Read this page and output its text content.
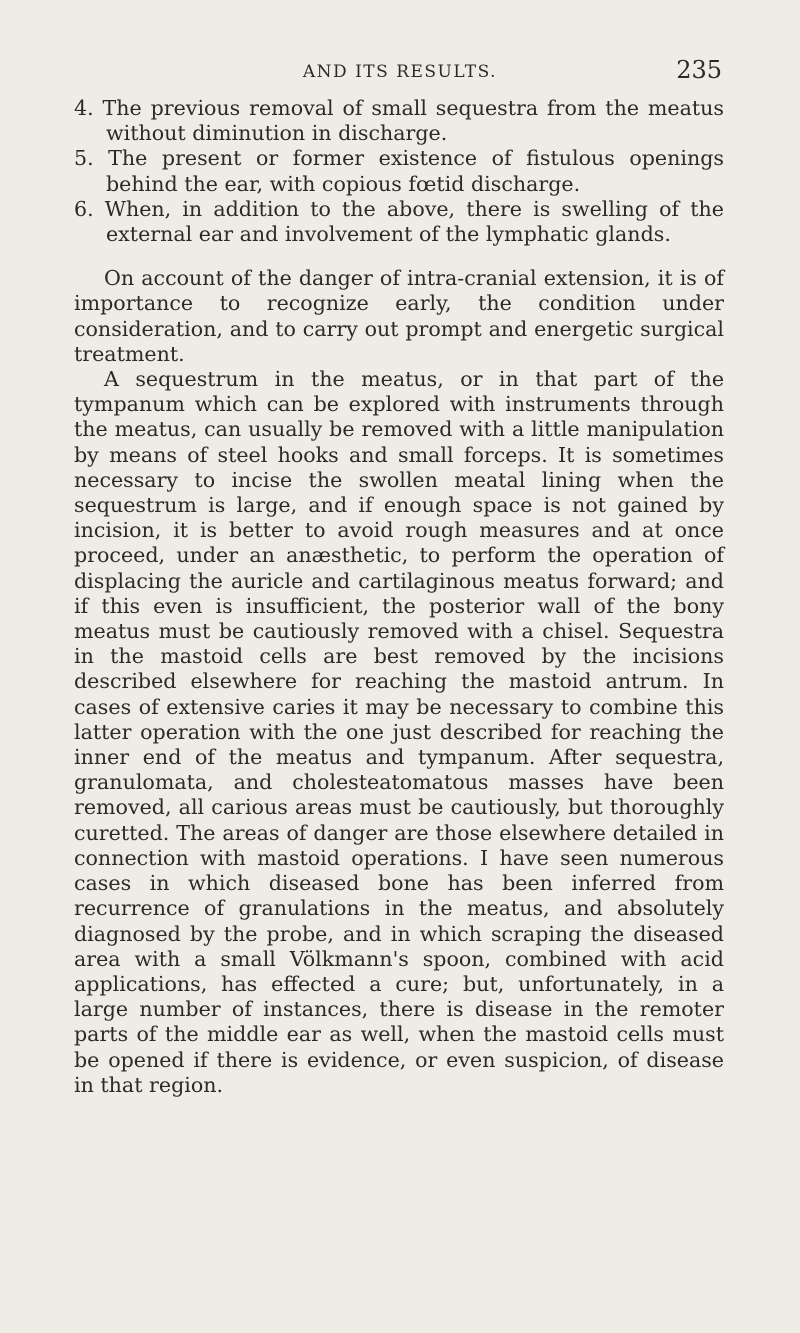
AND ITS RESULTS.	235

4. The previous removal of small sequestra from the meatus without diminution in discharge.

5. The present or former existence of fistulous openings behind the ear, with copious fœtid discharge.

6. When, in addition to the above, there is swelling of the external ear and involvement of the lymphatic glands.

On account of the danger of intra-cranial extension, it is of importance to recognize early, the condition under consideration, and to carry out prompt and energetic surgical treatment.

A sequestrum in the meatus, or in that part of the tympanum which can be explored with instruments through the meatus, can usually be removed with a little manipulation by means of steel hooks and small forceps. It is sometimes necessary to incise the swollen meatal lining when the sequestrum is large, and if enough space is not gained by incision, it is better to avoid rough measures and at once proceed, under an anæsthetic, to perform the operation of displacing the auricle and cartilaginous meatus forward; and if this even is insufficient, the posterior wall of the bony meatus must be cautiously removed with a chisel. Sequestra in the mastoid cells are best removed by the incisions described elsewhere for reaching the mastoid antrum. In cases of extensive caries it may be necessary to combine this latter operation with the one just described for reaching the inner end of the meatus and tympanum. After sequestra, granulomata, and cholesteatomatous masses have been removed, all carious areas must be cautiously, but thoroughly curetted. The areas of danger are those elsewhere detailed in connection with mastoid operations. I have seen numerous cases in which diseased bone has been inferred from recurrence of granulations in the meatus, and absolutely diagnosed by the probe, and in which scraping the diseased area with a small Völkmann's spoon, combined with acid applications, has effected a cure; but, unfortunately, in a large number of instances, there is disease in the remoter parts of the middle ear as well, when the mastoid cells must be opened if there is evidence, or even suspicion, of disease in that region.
